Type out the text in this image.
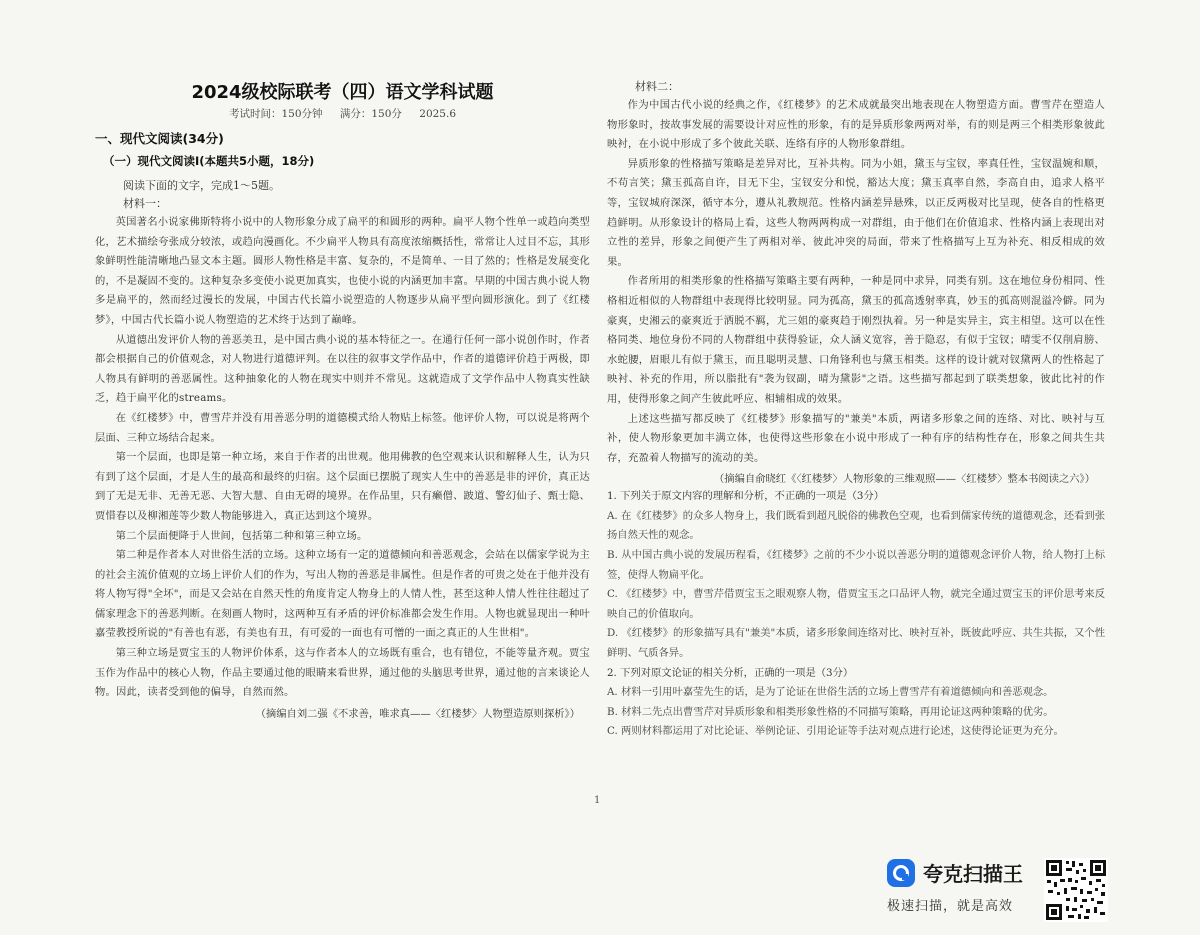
2024级校际联考（四）语文学科试题
考试时间：150分钟 满分：150分 2025.6
一、现代文阅读(34分)
（一）现代文阅读Ⅰ(本题共5小题，18分)
阅读下面的文字，完成1～5题。
材料一：

英国著名小说家佛斯特将小说中的人物形象分成了扁平的和圆形的两种。扁平人物个性单一或趋向类型化，艺术描绘夸张成分较浓，或趋向漫画化。不少扁平人物具有高度浓缩概括性，常常让人过目不忘，其形象鲜明性能清晰地凸显文本主题。圆形人物性格是丰富、复杂的，不是简单、一目了然的；性格是发展变化的，不是凝固不变的。这种复杂多变使小说更加真实，也使小说的内涵更加丰富。早期的中国古典小说人物多是扁平的，然而经过漫长的发展，中国古代长篇小说塑造的人物逐步从扁平型向圆形演化。到了《红楼梦》，中国古代长篇小说人物塑造的艺术终于达到了巅峰。

从道德出发评价人物的善恶美丑，是中国古典小说的基本特征之一。在通行任何一部小说创作时，作者都会根据自己的价值观念，对人物进行道德评判。在以往的叙事文学作品中，作者的道德评价趋于两极，即人物具有鲜明的善恶属性。这种抽象化的人物在现实中则并不常见。这就造成了文学作品中人物真实性缺乏，趋于扁平化的streams。

在《红楼梦》中，曹雪芹并没有用善恶分明的道德模式给人物贴上标签。他评价人物，可以说是将两个层面、三种立场结合起来。

第一个层面，也即是第一种立场，来自于作者的出世观。他用佛教的色空观来认识和解释人生，认为只有到了这个层面，才是人生的最高和最终的归宿。这个层面已摆脱了现实人生中的善恶是非的评价，真正达到了无是无非、无善无恶、大智大慧、自由无碍的境界。在作品里，只有癞僧、跛道、警幻仙子、甄士隐、贾惜春以及柳湘莲等少数人物能够进入，真正达到这个境界。

第二个层面便降于人世间，包括第二种和第三种立场。

第二种是作者本人对世俗生活的立场。这种立场有一定的道德倾向和善恶观念，会站在以儒家学说为主的社会主流价值观的立场上评价人们的作为，写出人物的善恶是非属性。但是作者的可贵之处在于他并没有将人物写得"全坏"，而是又会站在自然天性的角度肯定人物身上的人情人性，甚至这种人情人性往往超过了儒家理念下的善恶判断。在刻画人物时，这两种互有矛盾的评价标准都会发生作用。人物也就显现出一种叶嘉莹教授所说的"有善也有恶，有美也有丑，有可爱的一面也有可憎的一面之真正的人生世相"。

第三种立场是贾宝玉的人物评价体系，这与作者本人的立场既有重合，也有错位，不能等量齐观。贾宝玉作为作品中的核心人物，作品主要通过他的眼睛来看世界，通过他的头脑思考世界，通过他的言来谈论人物。因此，读者受到他的偏导，自然而然。

（摘编自刘二强《不求善，唯求真——〈红楼梦〉人物塑造原则探析》）
材料二：

作为中国古代小说的经典之作，《红楼梦》的艺术成就最突出地表现在人物塑造方面。曹雪芹在塑造人物形象时，按故事发展的需要设计对应性的形象，有的是异质形象两两对举，有的则是两三个相类形象彼此映衬，在小说中形成了多个彼此关联、连络有序的人物形象群组。

异质形象的性格描写策略是差异对比，互补共构。同为小姐，黛玉与宝钗，率真任性，宝钗温婉和顺，不苟言笑；黛玉孤高自许，目无下尘，宝钗安分和悦，豁达大度；黛玉真率自然，李高自由，追求人格平等，宝钗城府深深，循守本分，遵从礼教规范。性格内涵差异悬殊，以正反两极对比呈现，使各自的性格更趋鲜明。从形象设计的格局上看，这些人物两两构成一对群组，由于他们在价值追求、性格内涵上表现出对立性的差异，形象之间便产生了两相对举、彼此冲突的局面，带来了性格描写上互为补充、相反相成的效果。

作者所用的相类形象的性格描写策略主要有两种，一种是同中求异，同类有别。这在地位身份相同、性格相近相似的人物群组中表现得比较明显。同为孤高，黛玉的孤高透射率真，妙玉的孤高则混溢冷僻。同为豪爽，史湘云的豪爽近于洒脱不羁，尤三姐的豪爽趋于刚烈执着。另一种是实异主，宾主相望。这可以在性格同类、地位身份不同的人物群组中获得验证，众人涵义宽容，善于隐忍，有似于宝钗；晴雯不仅削肩膀、水蛇腰，眉眼儿有似于黛玉，而且聪明灵慧、口角锋利也与黛玉相类。这样的设计就对钗黛两人的性格起了映衬、补充的作用，所以脂批有"袭为钗副，晴为黛影"之语。这些描写都起到了联类想象，彼此比衬的作用，使得形象之间产生彼此呼应、相辅相成的效果。

上述这些描写都反映了《红楼梦》形象描写的"兼美"本质，两诸多形象之间的连络、对比、映衬与互补，使人物形象更加丰满立体，也使得这些形象在小说中形成了一种有序的结构性存在，形象之间共生共存，充盈着人物描写的流动的美。

（摘编自俞晓红《〈红楼梦〉人物形象的三维观照——〈红楼梦〉整本书阅读之六》）

1. 下列关于原文内容的理解和分析，不正确的一项是（3分）

A. 在《红楼梦》的众多人物身上，我们既看到超凡脱俗的佛教色空观，也看到儒家传统的道德观念，还看到张扬自然天性的观念。

B. 从中国古典小说的发展历程看，《红楼梦》之前的不少小说以善恶分明的道德观念评价人物，给人物打上标签，使得人物扁平化。

C. 《红楼梦》中，曹雪芹借贾宝玉之眼观察人物，借贾宝玉之口品评人物，就完全通过贾宝玉的评价思考来反映自己的价值取向。

D. 《红楼梦》的形象描写具有"兼美"本质，诸多形象间连络对比、映衬互补，既彼此呼应、共生共振，又个性鲜明、气质各异。

2. 下列对原文论证的相关分析，正确的一项是（3分）

A. 材料一引用叶嘉莹先生的话，是为了论证在世俗生活的立场上曹雪芹有着道德倾向和善恶观念。

B. 材料二先点出曹雪芹对异质形象和相类形象性格的不同描写策略，再用论证这两种策略的优劣。

C. 两则材料都运用了对比论证、举例论证、引用论证等手法对观点进行论述，这使得论证更为充分。

1
夸克扫描王
极速扫描，就是高效
